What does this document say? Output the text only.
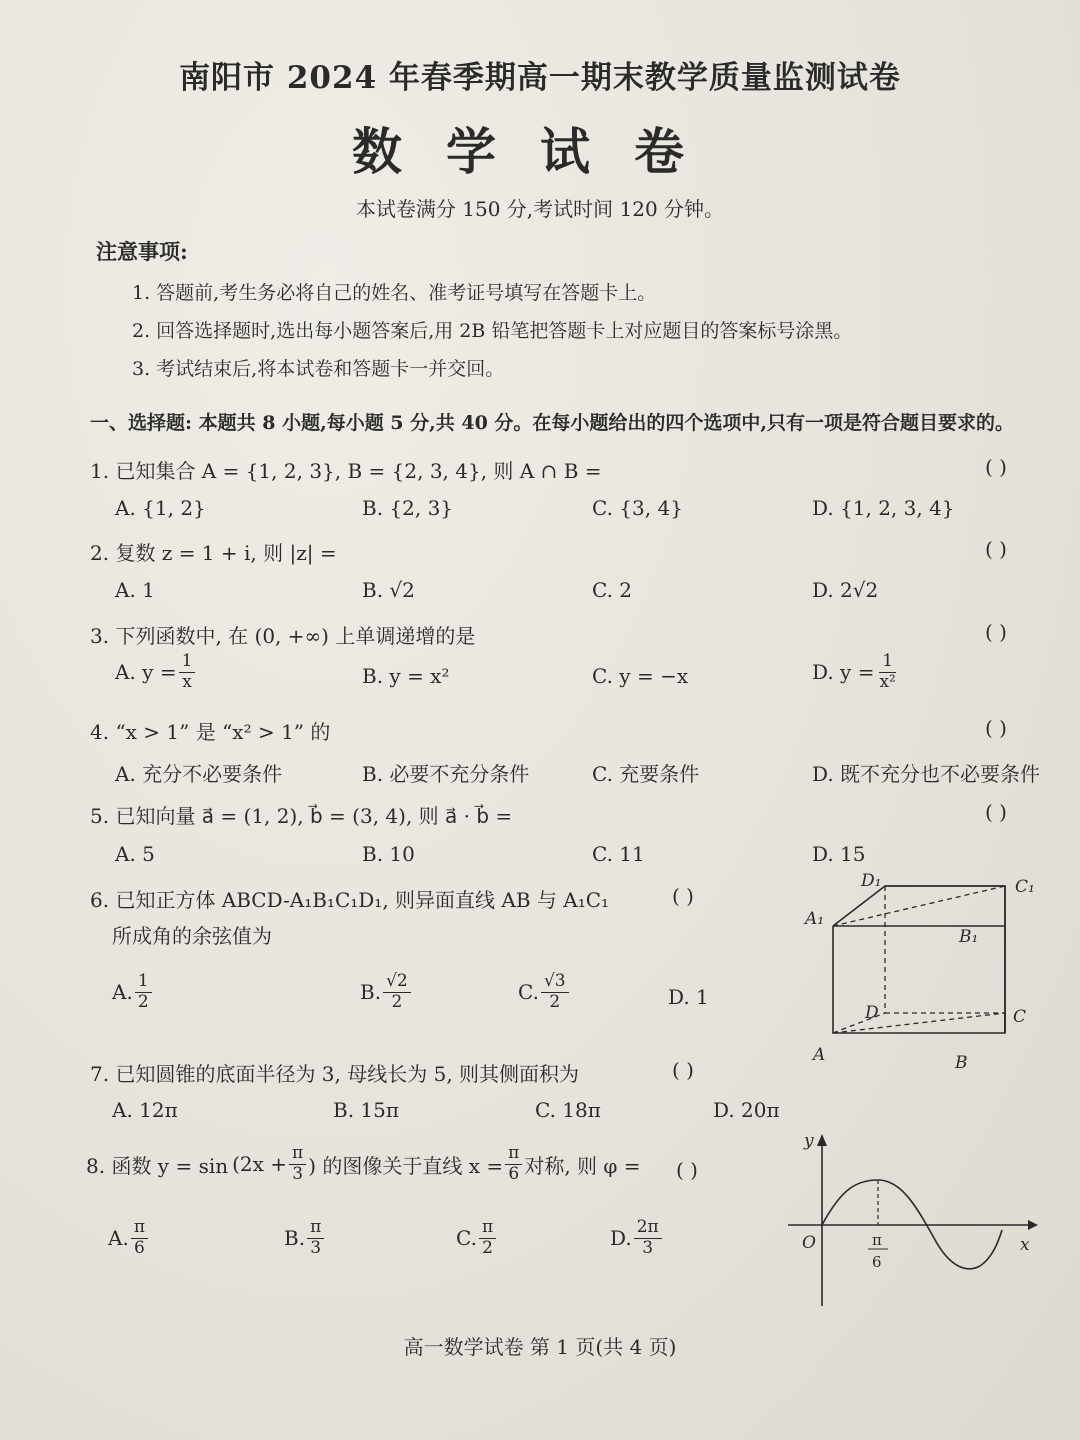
南阳市 2024 年春季期高一期末教学质量监测试卷
数学试卷
本试卷满分 150 分,考试时间 120 分钟。
注意事项:
1. 答题前,考生务必将自己的姓名、准考证号填写在答题卡上。
2. 回答选择题时,选出每小题答案后,用 2B 铅笔把答题卡上对应题目的答案标号涂黑。
3. 考试结束后,将本试卷和答题卡一并交回。
一、选择题: 本题共 8 小题,每小题 5 分,共 40 分。在每小题给出的四个选项中,只有一项是符合题目要求的。
1. 已知集合 A = {1, 2, 3}, B = {2, 3, 4}, 则 A ∩ B =	( )
A. {1, 2}	B. {2, 3}	C. {3, 4}	D. {1, 2, 3, 4}
2. 复数 z = 1 + i, 则 |z| =	( )
A. 1	B. √2	C. 2	D. 2√2
3. 下列函数中, 在 (0, +∞) 上单调递增的是	( )
A. $y = \frac{1}{x}$	B. y = x²	C. y = −x	D. $y = \frac{1}{\text{x²}}$
4. “x > 1” 是 “x² > 1” 的	( )
A. 充分不必要条件	B. 必要不充分条件	C. 充要条件	D. 既不充分也不必要条件
5. 已知向量 a⃗ = (1, 2), b⃗ = (3, 4), 则 a⃗ · b⃗ =	( )
A. 5	B. 10	C. 11	D. 15
6. 已知正方体 ABCD-A₁B₁C₁D₁, 则异面直线 AB 与 A₁C₁	( )
所成角的余弦值为
A. $\frac{1}{2}$	B. $\frac{√2}{2}$	C. $\frac{√3}{2}$	D. 1
D₁	C₁
A₁
B₁
D	C
A	B
7. 已知圆锥的底面半径为 3, 母线长为 5, 则其侧面积为	( )
A. 12π	B. 15π	C. 18π	D. 20π
8. 函数 $y = \sin (2x + \frac{\pi}{3}$ ) 的图像关于直线 $x = \frac{\pi}{6}$ 对称, 则 φ = ( )
A. $\frac{\pi}{6}$	B. $\frac{\pi}{3}$	C. $\frac{\pi}{2}$	D. $\frac{2\pi}{3}$
y
x
O	π
6
高一数学试卷 第 1 页(共 4 页)
